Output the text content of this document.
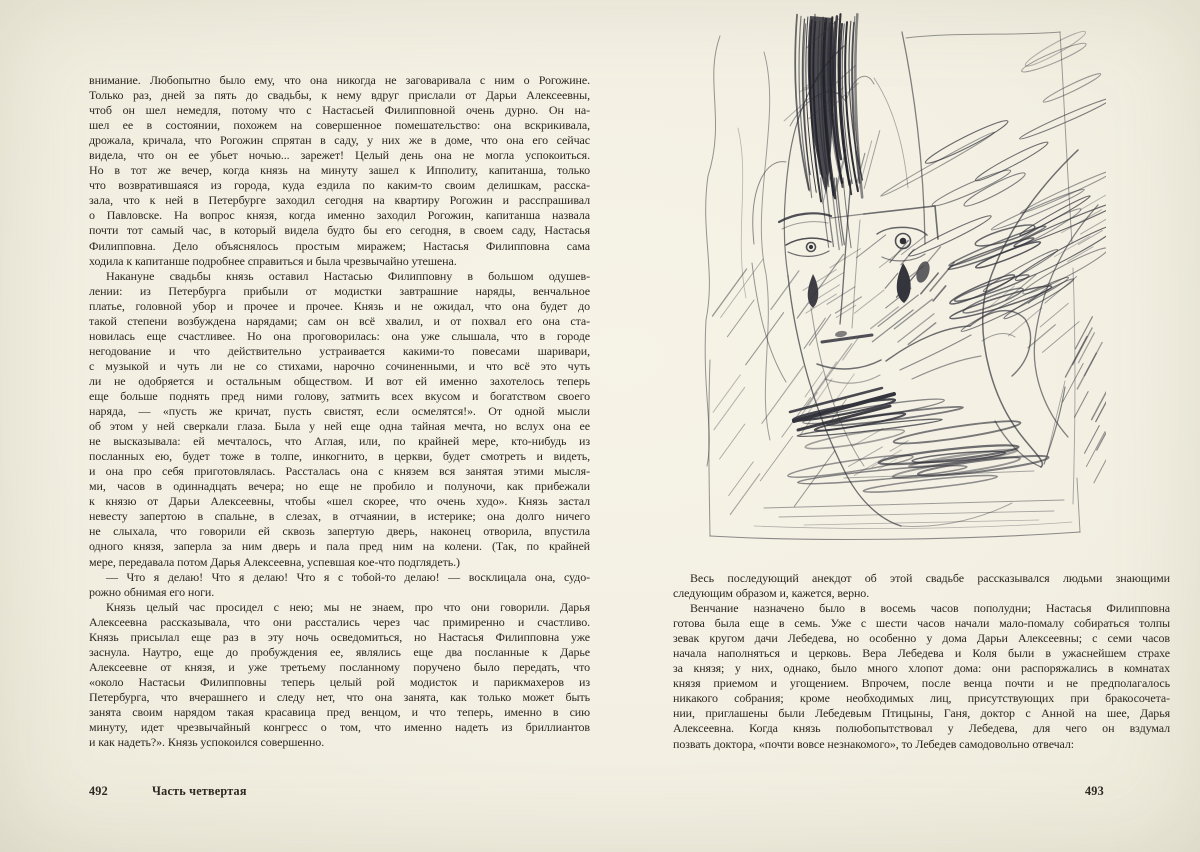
внимание. Любопытно было ему, что она никогда не заговаривала с ним о Рогожине.
Только раз, дней за пять до свадьбы, к нему вдруг прислали от Дарьи Алексеевны,
чтоб он шел немедля, потому что с Настасьей Филипповной очень дурно. Он на-
шел ее в состоянии, похожем на совершенное помешательство: она вскрикивала,
дрожала, кричала, что Рогожин спрятан в саду, у них же в доме, что она его сейчас
видела, что он ее убьет ночью... зарежет! Целый день она не могла успокоиться.
Но в тот же вечер, когда князь на минуту зашел к Ипполиту, капитанша, только
что возвратившаяся из города, куда ездила по каким-то своим делишкам, расска-
зала, что к ней в Петербурге заходил сегодня на квартиру Рогожин и расспрашивал
о Павловске. На вопрос князя, когда именно заходил Рогожин, капитанша назвала
почти тот самый час, в который видела будто бы его сегодня, в своем саду, Настасья
Филипповна. Дело объяснялось простым миражем; Настасья Филипповна сама
ходила к капитанше подробнее справиться и была чрезвычайно утешена.
Накануне свадьбы князь оставил Настасью Филипповну в большом одушев-
лении: из Петербурга прибыли от модистки завтрашние наряды, венчальное
платье, головной убор и прочее и прочее. Князь и не ожидал, что она будет до
такой степени возбуждена нарядами; сам он всё хвалил, и от похвал его она ста-
новилась еще счастливее. Но она проговорилась: она уже слышала, что в городе
негодование и что действительно устраивается какими-то повесами шаривари,
с музыкой и чуть ли не со стихами, нарочно сочиненными, и что всё это чуть
ли не одобряется и остальным обществом. И вот ей именно захотелось теперь
еще больше поднять пред ними голову, затмить всех вкусом и богатством своего
наряда, — «пусть же кричат, пусть свистят, если осмелятся!». От одной мысли
об этом у ней сверкали глаза. Была у ней еще одна тайная мечта, но вслух она ее
не высказывала: ей мечталось, что Аглая, или, по крайней мере, кто-нибудь из
посланных ею, будет тоже в толпе, инкогнито, в церкви, будет смотреть и видеть,
и она про себя приготовлялась. Рассталась она с князем вся занятая этими мысля-
ми, часов в одиннадцать вечера; но еще не пробило и полуночи, как прибежали
к князю от Дарьи Алексеевны, чтобы «шел скорее, что очень худо». Князь застал
невесту запертою в спальне, в слезах, в отчаянии, в истерике; она долго ничего
не слыхала, что говорили ей сквозь запертую дверь, наконец отворила, впустила
одного князя, заперла за ним дверь и пала пред ним на колени. (Так, по крайней
мере, передавала потом Дарья Алексеевна, успевшая кое-что подглядеть.)
— Что я делаю! Что я делаю! Что я с тобой-то делаю! — восклицала она, судо-
рожно обнимая его ноги.
Князь целый час просидел с нею; мы не знаем, про что они говорили. Дарья
Алексеевна рассказывала, что они расстались через час примиренно и счастливо.
Князь присылал еще раз в эту ночь осведомиться, но Настасья Филипповна уже
заснула. Наутро, еще до пробуждения ее, являлись еще два посланные к Дарье
Алексеевне от князя, и уже третьему посланному поручено было передать, что
«около Настасьи Филипповны теперь целый рой модисток и парикмахеров из
Петербурга, что вчерашнего и следу нет, что она занята, как только может быть
занята своим нарядом такая красавица пред венцом, и что теперь, именно в сию
минуту, идет чрезвычайный конгресс о том, что именно надеть из бриллиантов
и как надеть?». Князь успокоился совершенно.
Весь последующий анекдот об этой свадьбе рассказывался людьми знающими
следующим образом и, кажется, верно.
Венчание назначено было в восемь часов пополудни; Настасья Филипповна
готова была еще в семь. Уже с шести часов начали мало-помалу собираться толпы
зевак кругом дачи Лебедева, но особенно у дома Дарьи Алексеевны; с семи часов
начала наполняться и церковь. Вера Лебедева и Коля были в ужаснейшем страхе
за князя; у них, однако, было много хлопот дома: они распоряжались в комнатах
князя приемом и угощением. Впрочем, после венца почти и не предполагалось
никакого собрания; кроме необходимых лиц, присутствующих при бракосочета-
нии, приглашены были Лебедевым Птицыны, Ганя, доктор с Анной на шее, Дарья
Алексеевна. Когда князь полюбопытствовал у Лебедева, для чего он вздумал
позвать доктора, «почти вовсе незнакомого», то Лебедев самодовольно отвечал:
492	Часть четвертая	493
